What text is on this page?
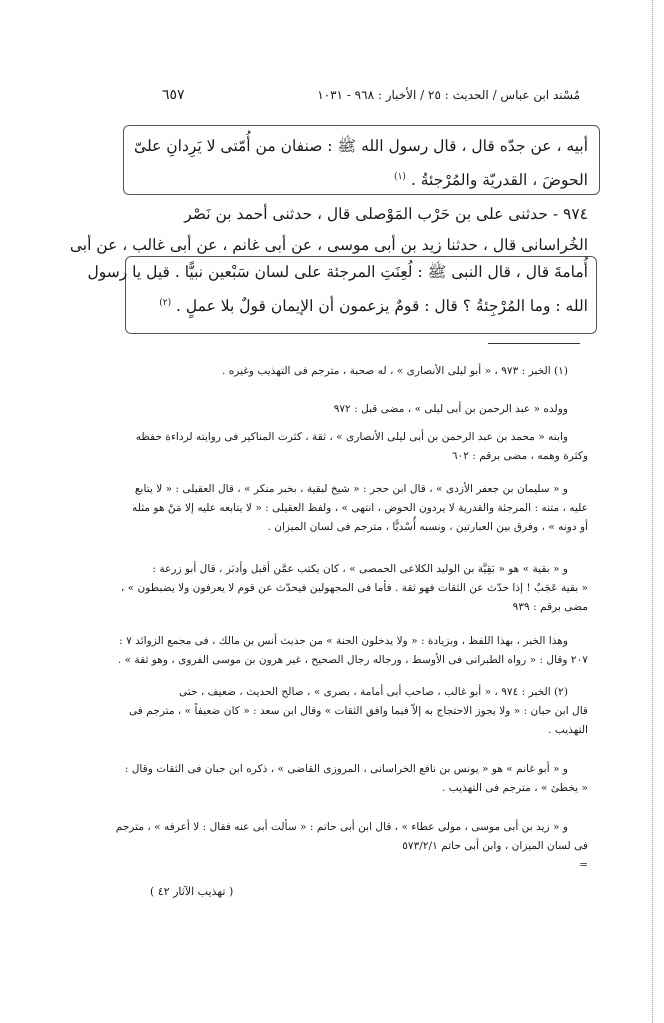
مُسْند ابن عباس / الحديث : ٢٥ / الأخبار : ٩٦٨ - ١٠٣١
٦٥٧
أبيه ، عن جدّه قال ، قال رسول الله ﷺ : صنفان من أُمّتى لا يَرِدانِ علىّ
الحوضَ ، القدريّة والمُرْجئةُ . $^{(١)}$
٩٧٤ - حدثنى على بن حَرْب المَوْصلى قال ، حدثنى أحمد بن نَصْر
الخُراسانى قال ، حدثنا زيد بن أبى موسى ، عن أبى غانم ، عن أبى غالب ، عن أبى
أُمامةَ قال ، قال النبى ﷺ : لُعِنَتِ المرجئة على لسان سَبْعين نبيًّا . قيل يا رسول
الله : وما المُرْجِئةُ ؟ قال : قومٌ يزعمون أن الإيمان قولٌ بلا عملٍ . $^{(٢)}$

(١) الخبر : ٩٧٣ ، « أبو ليلى الأنصارى » ، له صحبة ، مترجم فى التهذيب وغيره .

وولده « عبد الرحمن بن أبى ليلى » ، مضى قبل : ٩٧٢

وابنه « محمد بن عبد الرحمن بن أبى ليلى الأنصارى » ، ثقة ، كثرت المناكير فى روايته لرداءة حفظه

وكثرة وهمه ، مضى برقم : ٦٠٢

و « سليمان بن جعفر الأزدى » ، قال ابن حجر : « شيخ لبقية ، بخبر منكر » ، قال العقيلى : « لا يتابع

عليه ، متنه : المرجئة والقدرية لا يردون الحوض ، انتهى » ، ولفظ العقيلى : « لا يتابعه عليه إلا مَنْ هو مثله

أو دونه » ، وفرق بين العبارتين ، ونسبه أُسْديًّا ، مترجم فى لسان الميزان .

و « بقية » هو « بَقِيَّة بن الوليد الكلاعى الحمصى » ، كان يكتب عمَّن أقبل وأدبَر ، قال أبو زرعة :

« بقية عَجَبٌ ! إذا حدّث عن الثقات فهو ثقة . فأما فى المجهولين فيحدّث عن قوم لا يعرفون ولا يضبطون » ،

مضى برقم : ٩٣٩

وهذا الخبر ، بهذا اللفظ ، وبزيادة : « ولا يدخلون الجنة » من حديث أنس بن مالك ، فى مجمع الزوائد ٧ :

٢٠٧ وقال : « رواه الطبرانى فى الأوسط ، ورجاله رجال الصحيح ، غير هرون بن موسى الفروى ، وهو ثقة » .

(٢) الخبر : ٩٧٤ ، « أبو غالب ، صاحب أبى أمامة ، بصرى » ، صالح الحديث ، ضعيف ، حتى

قال ابن حبان : « ولا يجوز الاحتجاج به إلاّ فيما وافق الثقات » وقال ابن سعد : « كان ضعيفاً » ، مترجم فى

التهذيب .

و « أبو غانم » هو « يونس بن نافع الخراسانى ، المروزى القاضى » ، ذكره ابن حبان فى الثقات وقال :

« يخطئ » ، مترجم فى التهذيب .

و « زيد بن أبى موسى ، مولى عطاء » ، قال ابن أبى حاتم : « سألت أبى عنه فقال : لا أعرفه » ، مترجم

فى لسان الميزان ، وابن أبى حاتم ٥٧٣/٢/١

=

( تهذيب الآثار ٤٢ )
